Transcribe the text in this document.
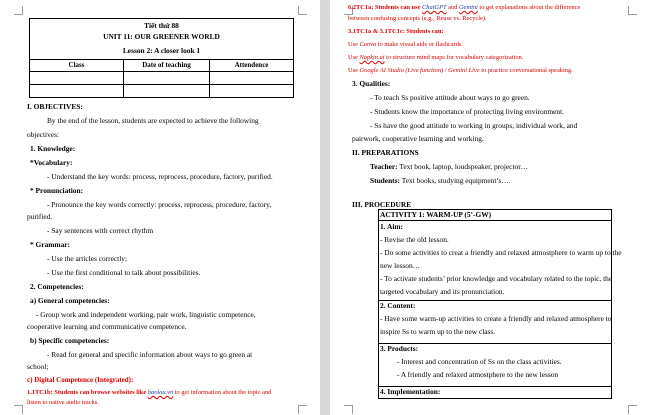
Tiết thứ 88
UNIT 11: OUR GREENER WORLD
Lesson 2: A closer look 1
Class	Date of teaching	Attendence
I. OBJECTIVES:
By the end of the lesson, students are expected to achieve the following
objectives:
1. Knowledge:
*Vocabulary:
- Understand the key words: process, reprocess, procedure, factory, purified.
* Pronunciation:
- Pronounce the key words correctly: process, reprocess, procedure, factory,
purified.
- Say sentences with correct rhythm
* Grammar:
- Use the articles correctly;
- Use the first conditional to talk about possibilities.
2. Competencies:
a) General competencies:
- Group work and independent working, pair work, linguistic competence,
cooperative learning and communicative competence.
b) Specific competencies:
- Read for general and specific information about ways to go green at
school;
c) Digital Competence (Integrated):
1.1TC1b: Students can browse websites like baolau.vn to get information about the topic and
listen to native audio tracks.
6.2TC1a: Students can use ChatGPT and Gemini to get explanations about the difference
between confusing concepts (e.g., Reuse vs. Recycle).
3.1TC1a & 3.1TC1c: Students can:
Use Canva to make visual aids or flashcards.
Use Napkin.ai to structure mind maps for vocabulary categorization.
Use Google AI Studio (Live function) / Gemini Live to practice conversational speaking.
3. Qualities:
- To teach Ss positive attitude about ways to go green.
- Students know the importance of protecting living environment.
- Ss have the good attitude to working in groups, individual work, and
pairwork, cooperative learning and working.
II. PREPARATIONS
Teacher: Text book, laptop, loudspeaker, projector…
Students: Text books, studying equipment’s….
III. PROCEDURE
ACTIVITY 1: WARM-UP (5’-GW)
1. Aim:
- Revise the old lesson.
- Do some activities to creat a friendly and relaxed atmostphere to warm up to the
new lesson…
- To activate students’ prior knowledge and vocabulary related to the topic, the
targeted vocabulary and its pronunciation.
2. Content:
- Have some warm-up activities to create a friendly and relaxed atmosphere to
inspire Ss to warm up to the new class.
3. Products:
- Interest and concentration of Ss on the class activities.
- A friendly and relaxed atmostphere to the new lesson
4. Implementation:
